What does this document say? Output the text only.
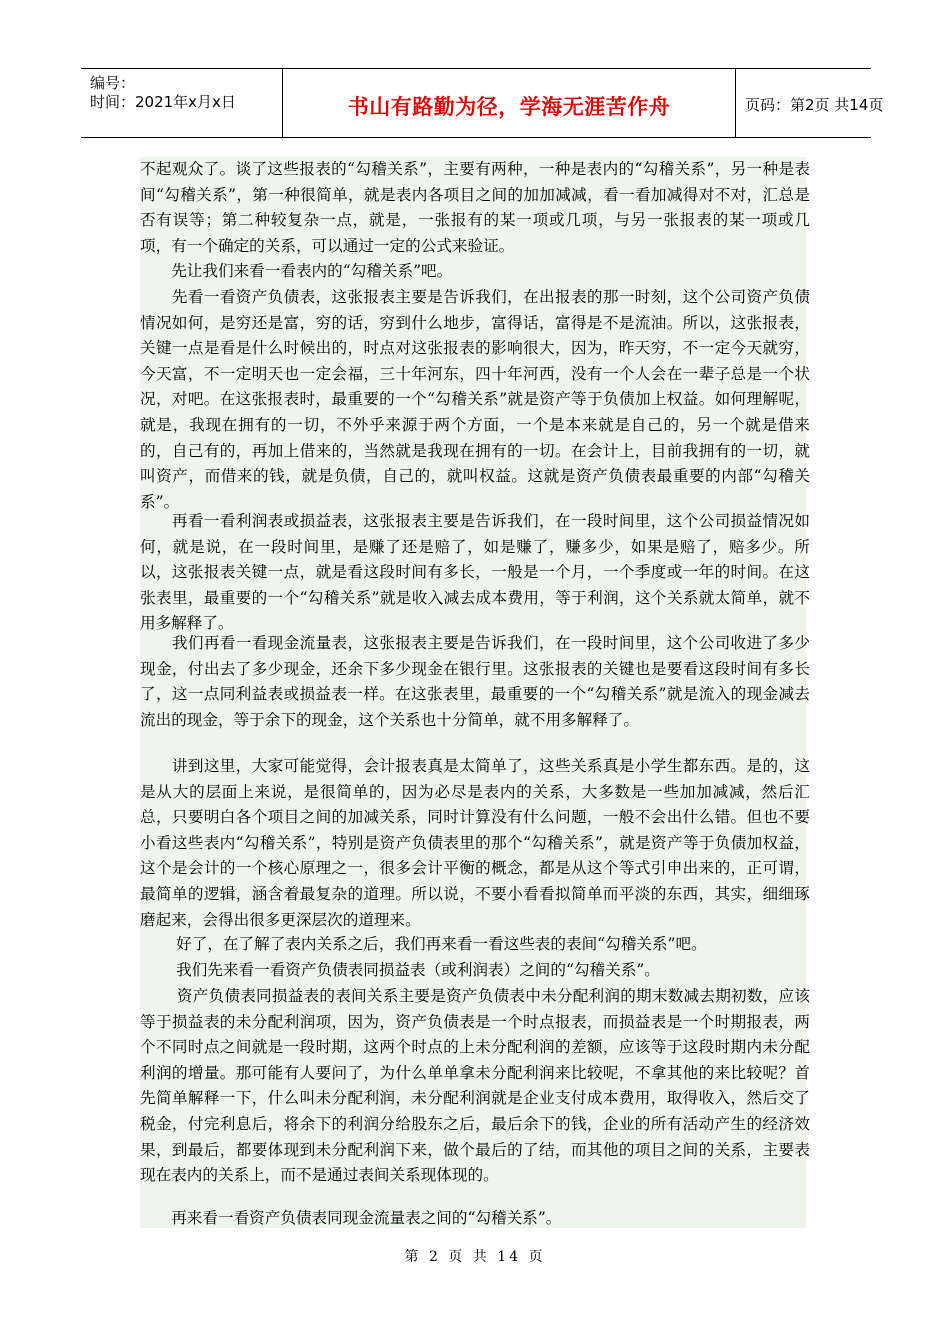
编号：
时间：2021年x月x日	书山有路勤为径，学海无涯苦作舟	页码：第2页 共14页

不起观众了。谈了这些报表的“勾稽关系”，主要有两种，一种是表内的“勾稽关系”，另一种是表间“勾稽关系”，第一种很简单，就是表内各项目之间的加加减减，看一看加减得对不对，汇总是否有误等；第二种较复杂一点，就是，一张报有的某一项或几项，与另一张报表的某一项或几项，有一个确定的关系，可以通过一定的公式来验证。

　　先让我们来看一看表内的“勾稽关系”吧。

　　先看一看资产负债表，这张报表主要是告诉我们，在出报表的那一时刻，这个公司资产负债情况如何，是穷还是富，穷的话，穷到什么地步，富得话，富得是不是流油。所以，这张报表，关键一点是看是什么时候出的，时点对这张报表的影响很大，因为，昨天穷，不一定今天就穷，今天富，不一定明天也一定会福，三十年河东，四十年河西，没有一个人会在一辈子总是一个状况，对吧。在这张报表时，最重要的一个“勾稽关系”就是资产等于负债加上权益。如何理解呢，就是，我现在拥有的一切，不外乎来源于两个方面，一个是本来就是自己的，另一个就是借来的，自己有的，再加上借来的，当然就是我现在拥有的一切。在会计上，目前我拥有的一切，就叫资产，而借来的钱，就是负债，自己的，就叫权益。这就是资产负债表最重要的内部“勾稽关系”。

　　再看一看利润表或损益表，这张报表主要是告诉我们，在一段时间里，这个公司损益情况如何，就是说，在一段时间里，是赚了还是赔了，如是赚了，赚多少，如果是赔了，赔多少。所以，这张报表关键一点，就是看这段时间有多长，一般是一个月，一个季度或一年的时间。在这张表里，最重要的一个“勾稽关系”就是收入减去成本费用，等于利润，这个关系就太简单，就不用多解释了。

　　我们再看一看现金流量表，这张报表主要是告诉我们，在一段时间里，这个公司收进了多少现金，付出去了多少现金，还余下多少现金在银行里。这张报表的关键也是要看这段时间有多长了，这一点同利益表或损益表一样。在这张表里，最重要的一个“勾稽关系”就是流入的现金减去流出的现金，等于余下的现金，这个关系也十分简单，就不用多解释了。

　　讲到这里，大家可能觉得，会计报表真是太简单了，这些关系真是小学生都东西。是的，这是从大的层面上来说，是很简单的，因为必尽是表内的关系，大多数是一些加加减减，然后汇总，只要明白各个项目之间的加减关系，同时计算没有什么问题，一般不会出什么错。但也不要小看这些表内“勾稽关系”，特别是资产负债表里的那个“勾稽关系”，就是资产等于负债加权益，这个是会计的一个核心原理之一，很多会计平衡的概念，都是从这个等式引申出来的，正可谓，最简单的逻辑，涵含着最复杂的道理。所以说，不要小看看拟简单而平淡的东西，其实，细细琢磨起来，会得出很多更深层次的道理来。

　　 好了，在了解了表内关系之后，我们再来看一看这些表的表间“勾稽关系”吧。

　　 我们先来看一看资产负债表同损益表（或利润表）之间的“勾稽关系”。

　　 资产负债表同损益表的表间关系主要是资产负债表中未分配利润的期末数减去期初数，应该等于损益表的未分配利润项，因为，资产负债表是一个时点报表，而损益表是一个时期报表，两个不同时点之间就是一段时期，这两个时点的上未分配利润的差额，应该等于这段时期内未分配利润的增量。那可能有人要问了，为什么单单拿未分配利润来比较呢，不拿其他的来比较呢？首先简单解释一下，什么叫未分配利润，未分配利润就是企业支付成本费用，取得收入，然后交了税金，付完利息后，将余下的利润分给股东之后，最后余下的钱，企业的所有活动产生的经济效果，到最后，都要体现到未分配利润下来，做个最后的了结，而其他的项目之间的关系，主要表现在表内的关系上，而不是通过表间关系现体现的。

　　再来看一看资产负债表同现金流量表之间的“勾稽关系”。

第 2 页 共 14 页
